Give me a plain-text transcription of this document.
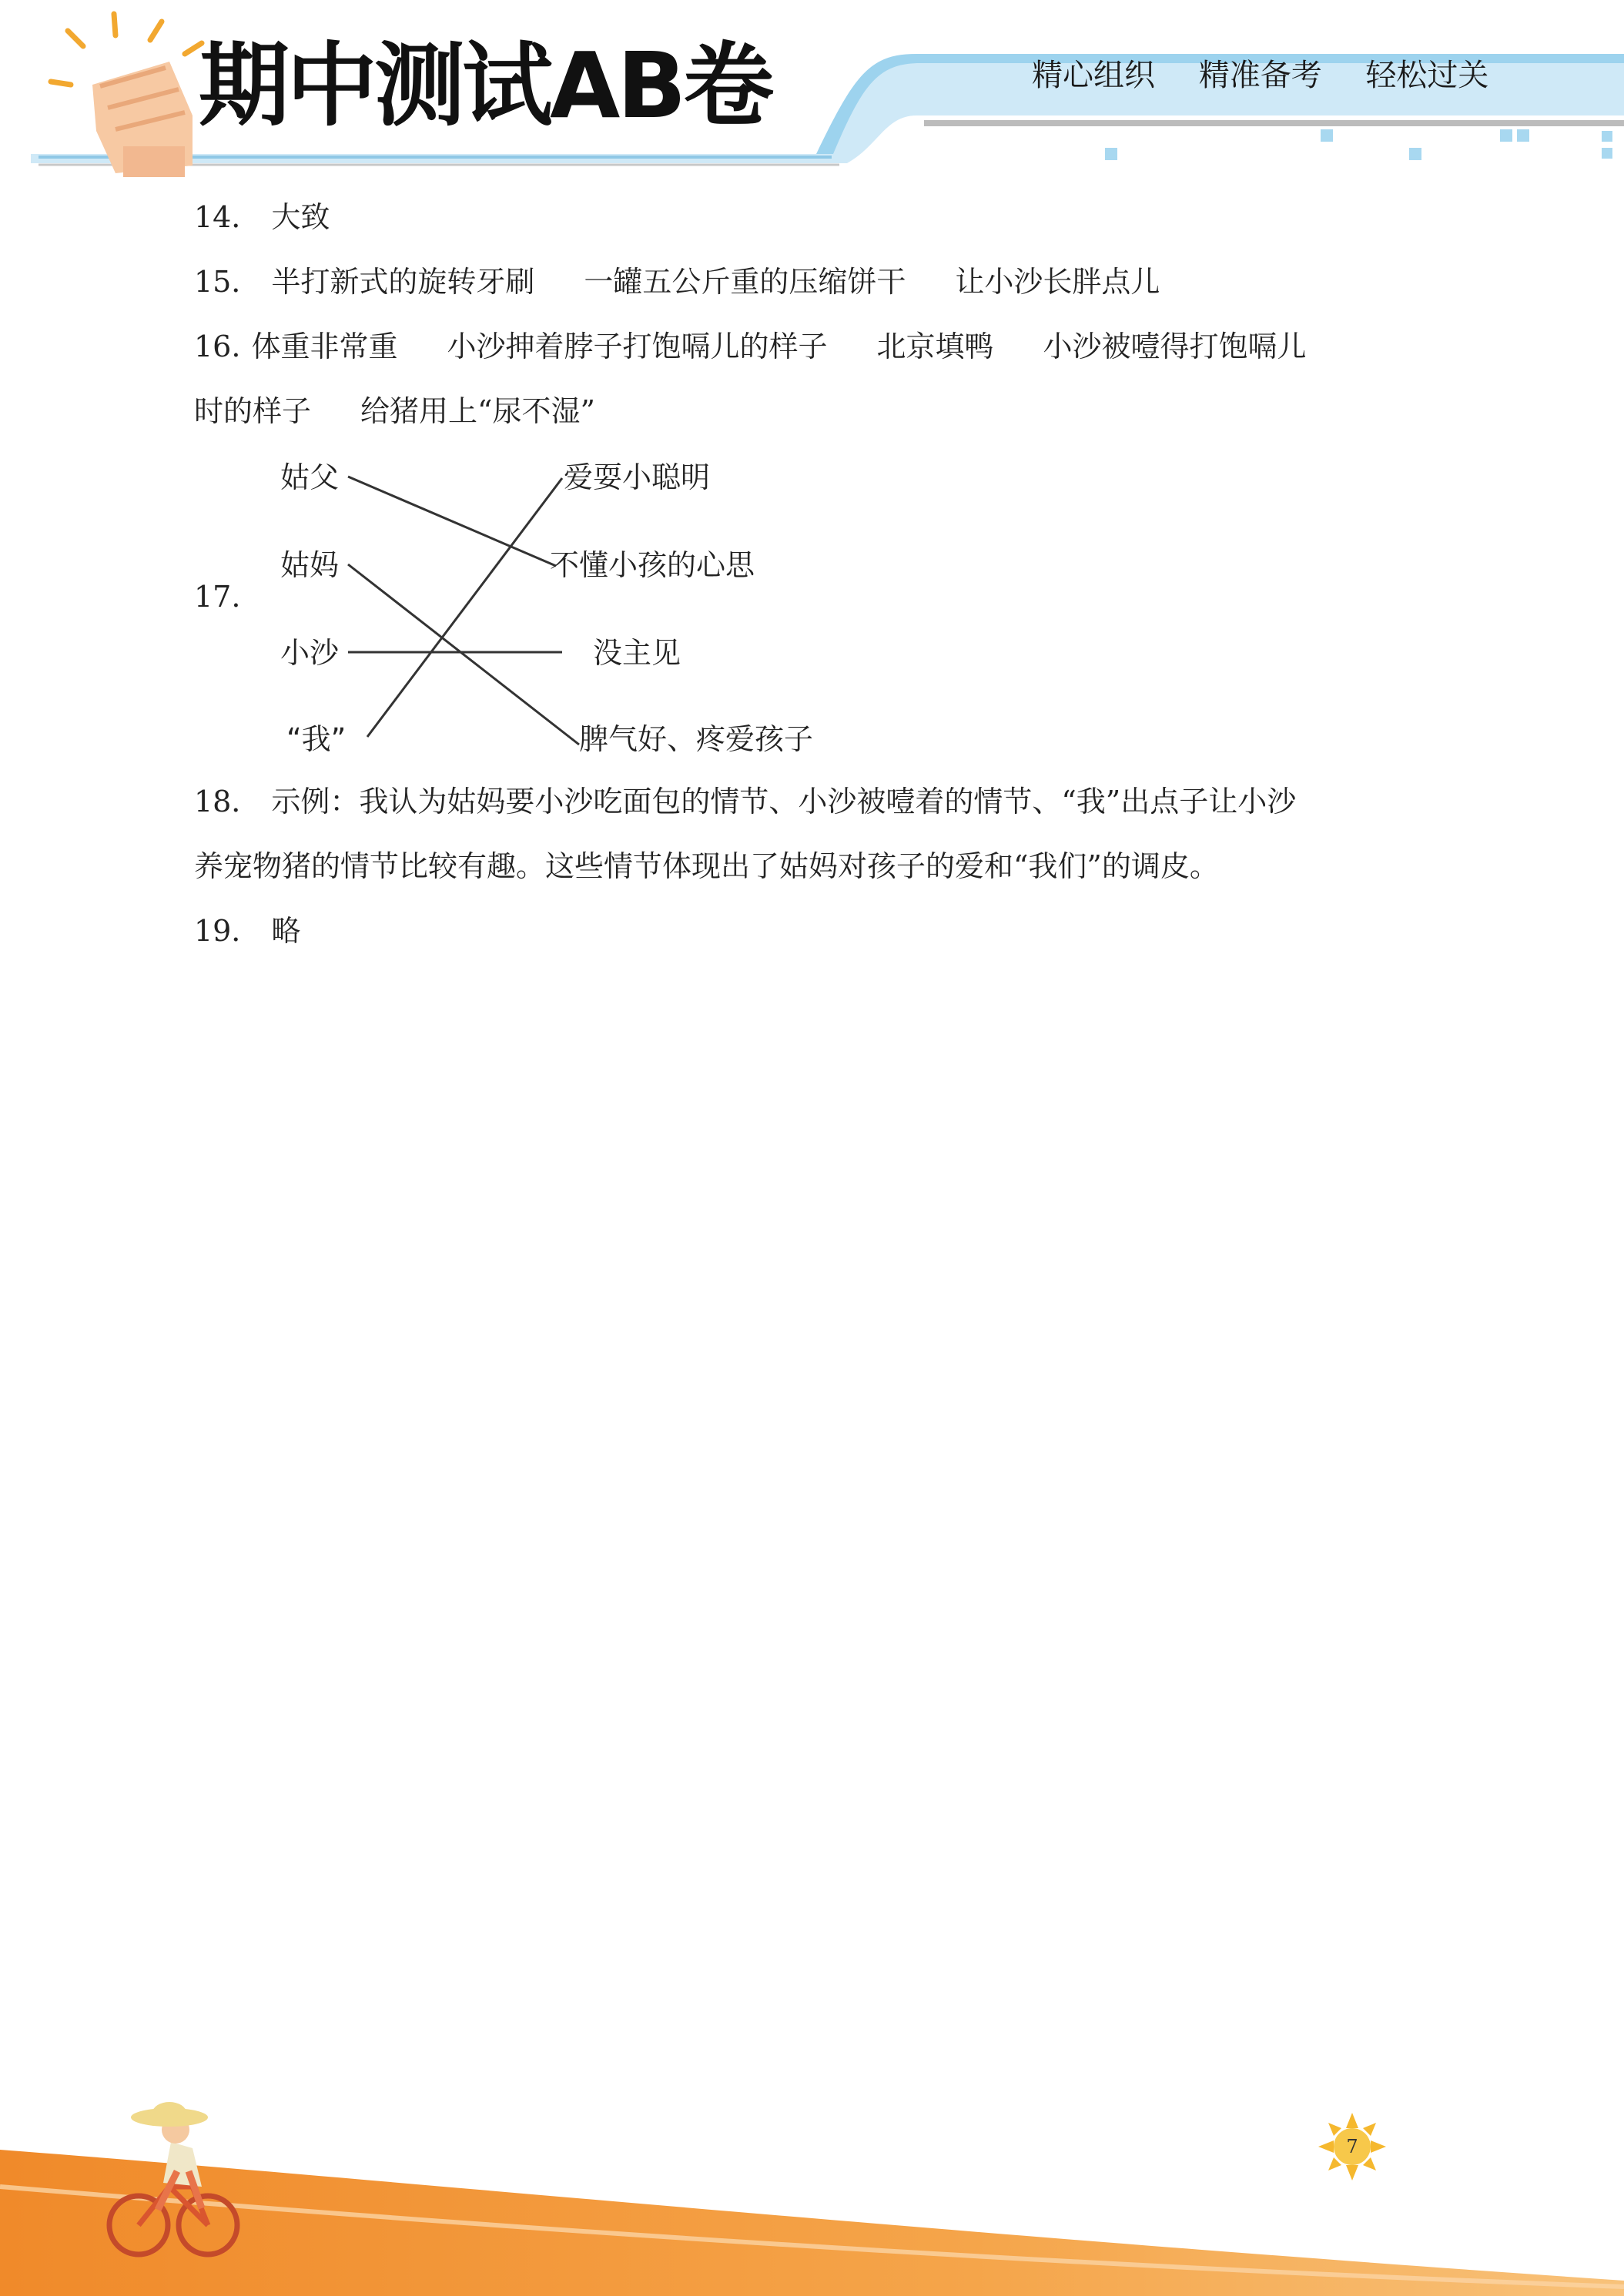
期中测试AB卷	精心组织 精准备考 轻松过关

14． 大致

15． 半打新式的旋转牙刷 一罐五公斤重的压缩饼干 让小沙长胖点儿

16. 体重非常重 小沙抻着脖子打饱嗝儿的样子 北京填鸭 小沙被噎得打饱嗝儿

时的样子 给猪用上“尿不湿”

17.
姑父
姑妈
小沙
“我”
爱耍小聪明
不懂小孩的心思
没主见
脾气好、疼爱孩子

18． 示例：我认为姑妈要小沙吃面包的情节、小沙被噎着的情节、“我”出点子让小沙

养宠物猪的情节比较有趣。这些情节体现出了姑妈对孩子的爱和“我们”的调皮。

19． 略

7
